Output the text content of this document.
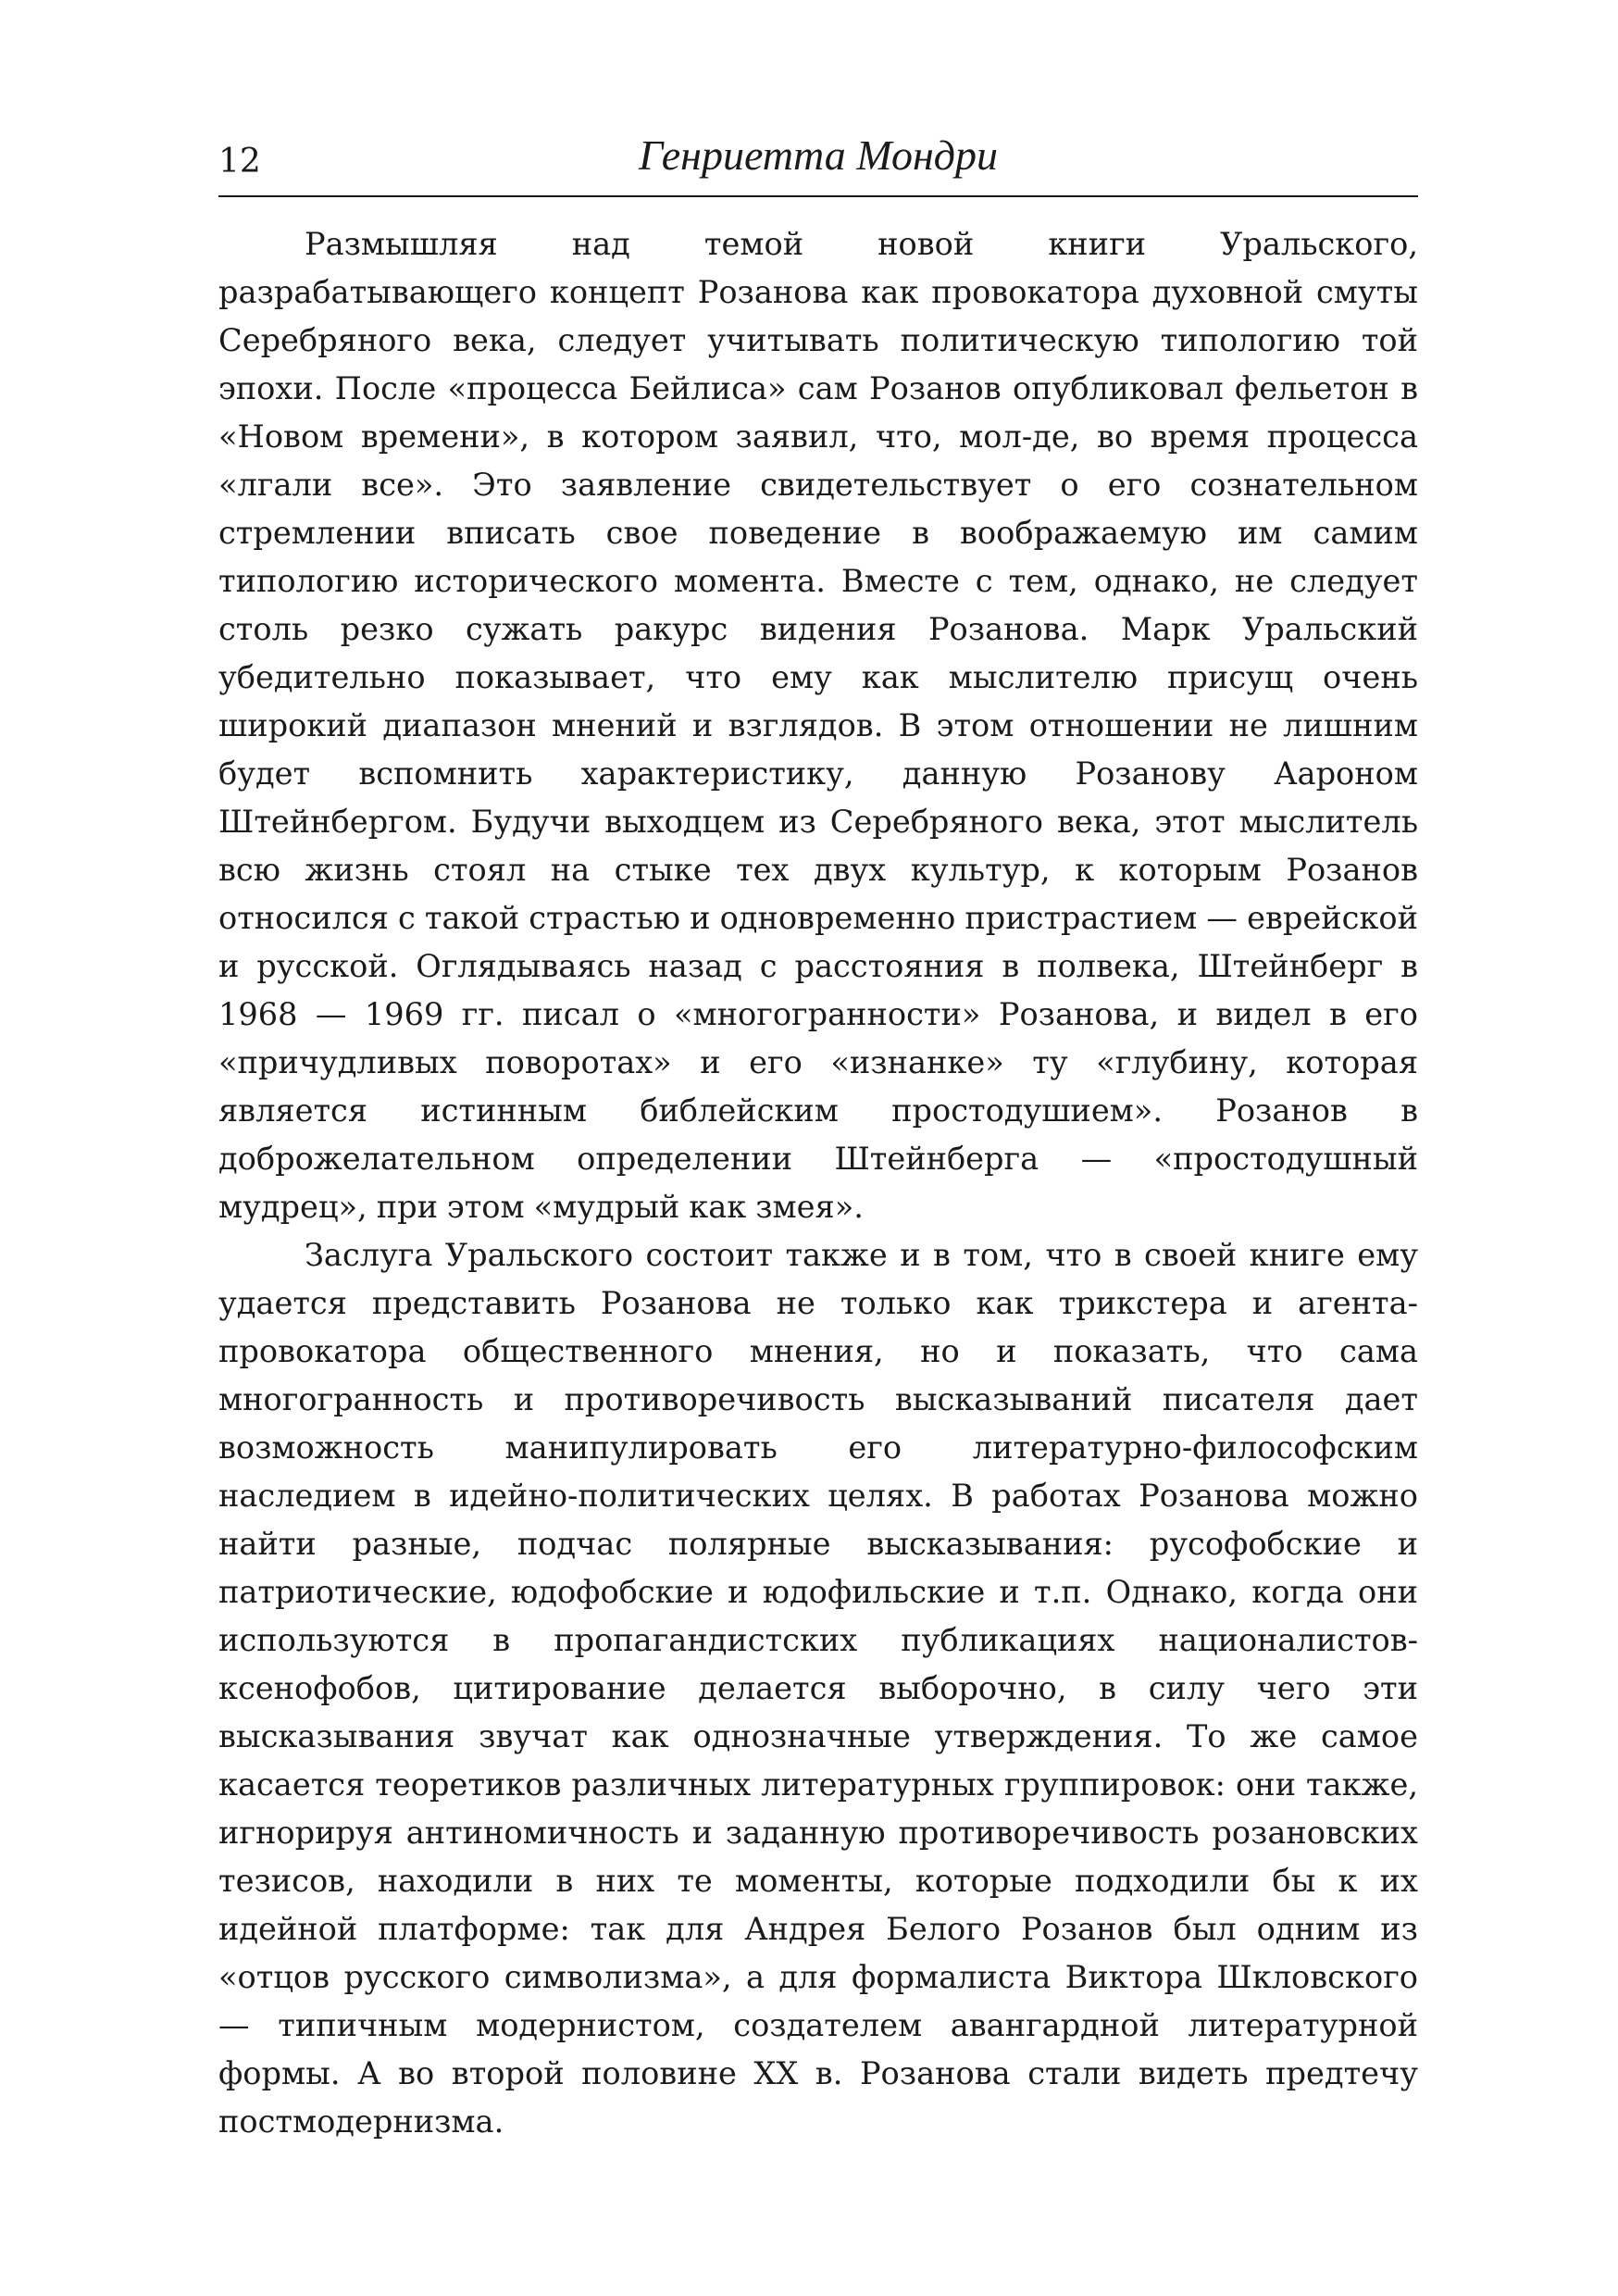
12	Генриетта Мондри

Размышляя над темой новой книги Уральского, разрабатывающего концепт Розанова как провокатора духовной смуты Серебряного века, следует учитывать политическую типологию той эпохи. После «процесса Бейлиса» сам Розанов опубликовал фельетон в «Новом времени», в котором заявил, что, мол-де, во время процесса «лгали все». Это заявление свидетельствует о его сознательном стремлении вписать свое поведение в воображаемую им самим типологию исторического момента. Вместе с тем, однако, не следует столь резко сужать ракурс видения Розанова. Марк Уральский убедительно показывает, что ему как мыслителю присущ очень широкий диапазон мнений и взглядов. В этом отношении не лишним будет вспомнить характеристику, данную Розанову Аароном Штейнбергом. Будучи выходцем из Серебряного века, этот мыслитель всю жизнь стоял на стыке тех двух культур, к которым Розанов относился с такой страстью и одновременно пристрастием — еврейской и русской. Оглядываясь назад с расстояния в полвека, Штейнберг в 1968 — 1969 гг. писал о «многогранности» Розанова, и видел в его «причудливых поворотах» и его «изнанке» ту «глубину, которая является истинным библейским простодушием». Розанов в доброжелательном определении Штейнберга — «простодушный мудрец», при этом «мудрый как змея».

Заслуга Уральского состоит также и в том, что в своей книге ему удается представить Розанова не только как трикстера и агента-провокатора общественного мнения, но и показать, что сама многогранность и противоречивость высказываний писателя дает возможность манипулировать его литературно-философским наследием в идейно-политических целях. В работах Розанова можно найти разные, подчас полярные высказывания: русофобские и патриотические, юдофобские и юдофильские и т.п. Однако, когда они используются в пропагандистских публикациях националистов-ксенофобов, цитирование делается выборочно, в силу чего эти высказывания звучат как однозначные утверждения. То же самое касается теоретиков различных литературных группировок: они также, игнорируя антиномичность и заданную противоречивость розановских тезисов, находили в них те моменты, которые подходили бы к их идейной платформе: так для Андрея Белого Розанов был одним из «отцов русского символизма», а для формалиста Виктора Шкловского — типичным модернистом, создателем авангардной литературной формы. А во второй половине XX в. Розанова стали видеть предтечу постмодернизма.
